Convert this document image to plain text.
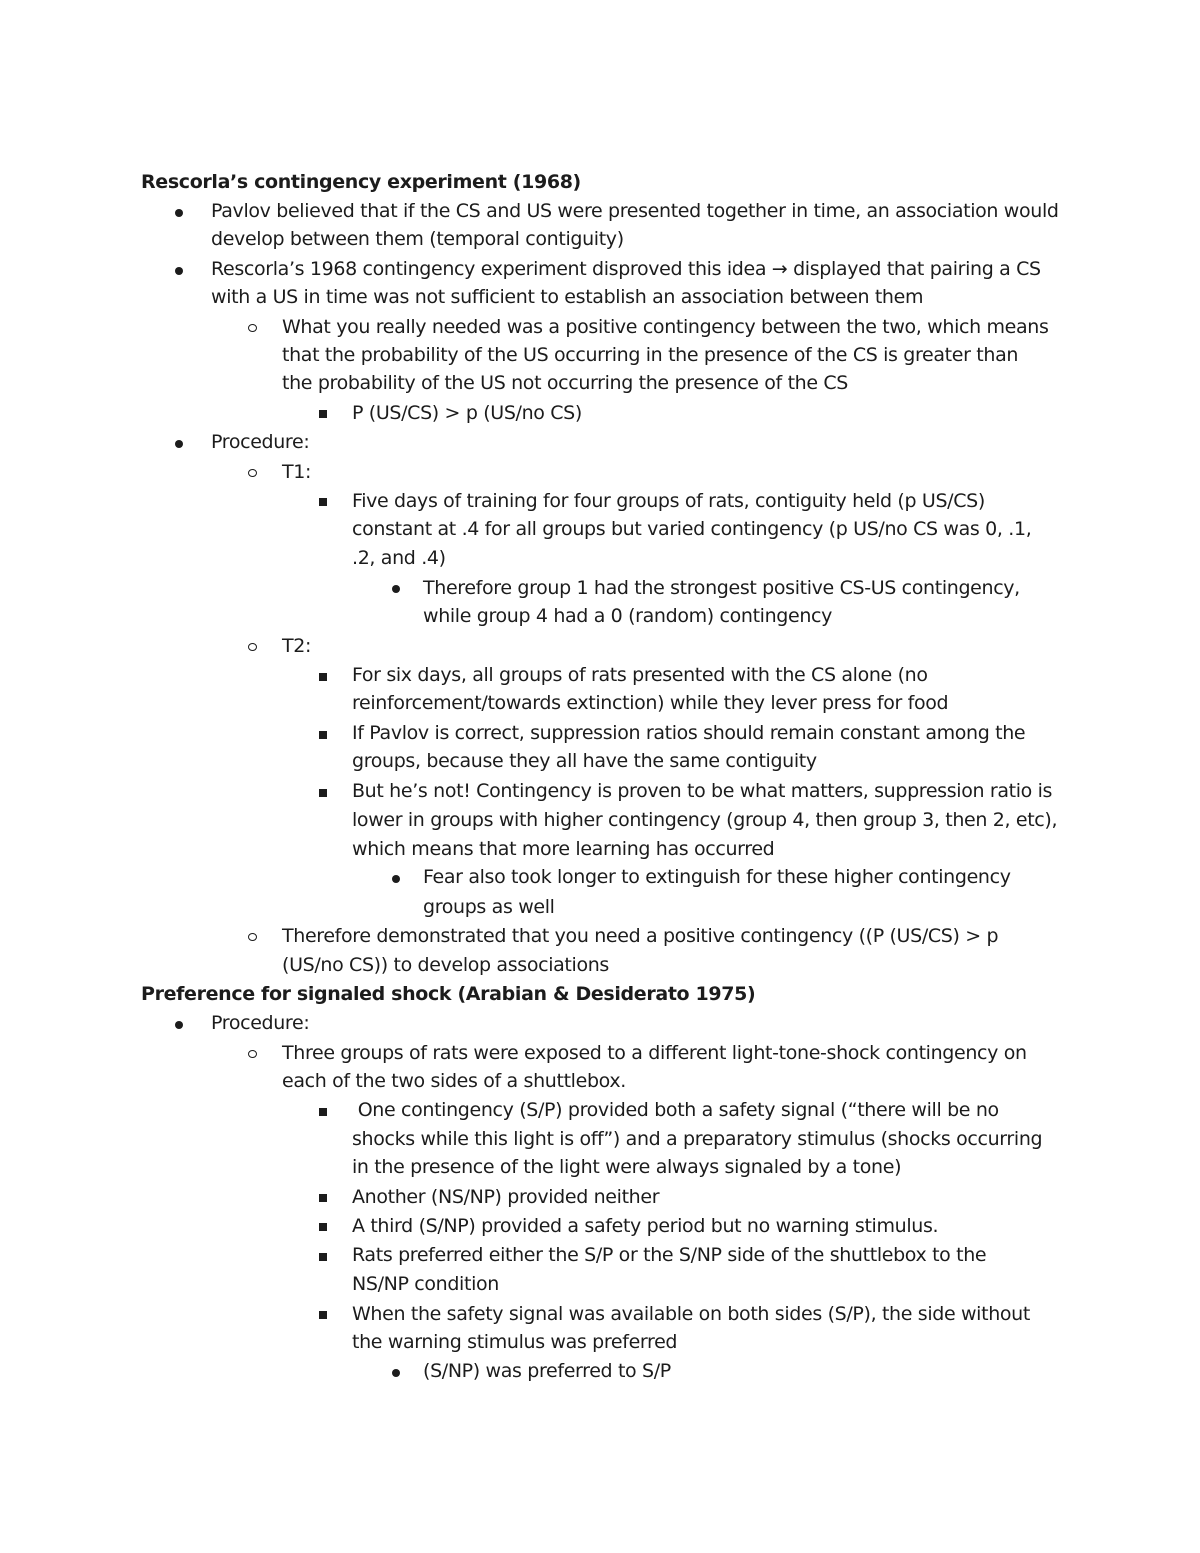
Rescorla’s contingency experiment (1968)
Pavlov believed that if the CS and US were presented together in time, an association would
develop between them (temporal contiguity)
Rescorla’s 1968 contingency experiment disproved this idea → displayed that pairing a CS
with a US in time was not sufficient to establish an association between them
What you really needed was a positive contingency between the two, which means
that the probability of the US occurring in the presence of the CS is greater than
the probability of the US not occurring the presence of the CS
P (US/CS) > p (US/no CS)
Procedure:
T1:
Five days of training for four groups of rats, contiguity held (p US/CS)
constant at .4 for all groups but varied contingency (p US/no CS was 0, .1,
.2, and .4)
Therefore group 1 had the strongest positive CS-US contingency,
while group 4 had a 0 (random) contingency
T2:
For six days, all groups of rats presented with the CS alone (no
reinforcement/towards extinction) while they lever press for food
If Pavlov is correct, suppression ratios should remain constant among the
groups, because they all have the same contiguity
But he’s not! Contingency is proven to be what matters, suppression ratio is
lower in groups with higher contingency (group 4, then group 3, then 2, etc),
which means that more learning has occurred
Fear also took longer to extinguish for these higher contingency
groups as well
Therefore demonstrated that you need a positive contingency ((P (US/CS) > p
(US/no CS)) to develop associations
Preference for signaled shock (Arabian & Desiderato 1975)
Procedure:
Three groups of rats were exposed to a different light-tone-shock contingency on
each of the two sides of a shuttlebox.
One contingency (S/P) provided both a safety signal (“there will be no
shocks while this light is off”) and a preparatory stimulus (shocks occurring
in the presence of the light were always signaled by a tone)
Another (NS/NP) provided neither
A third (S/NP) provided a safety period but no warning stimulus.
Rats preferred either the S/P or the S/NP side of the shuttlebox to the
NS/NP condition
When the safety signal was available on both sides (S/P), the side without
the warning stimulus was preferred
(S/NP) was preferred to S/P
